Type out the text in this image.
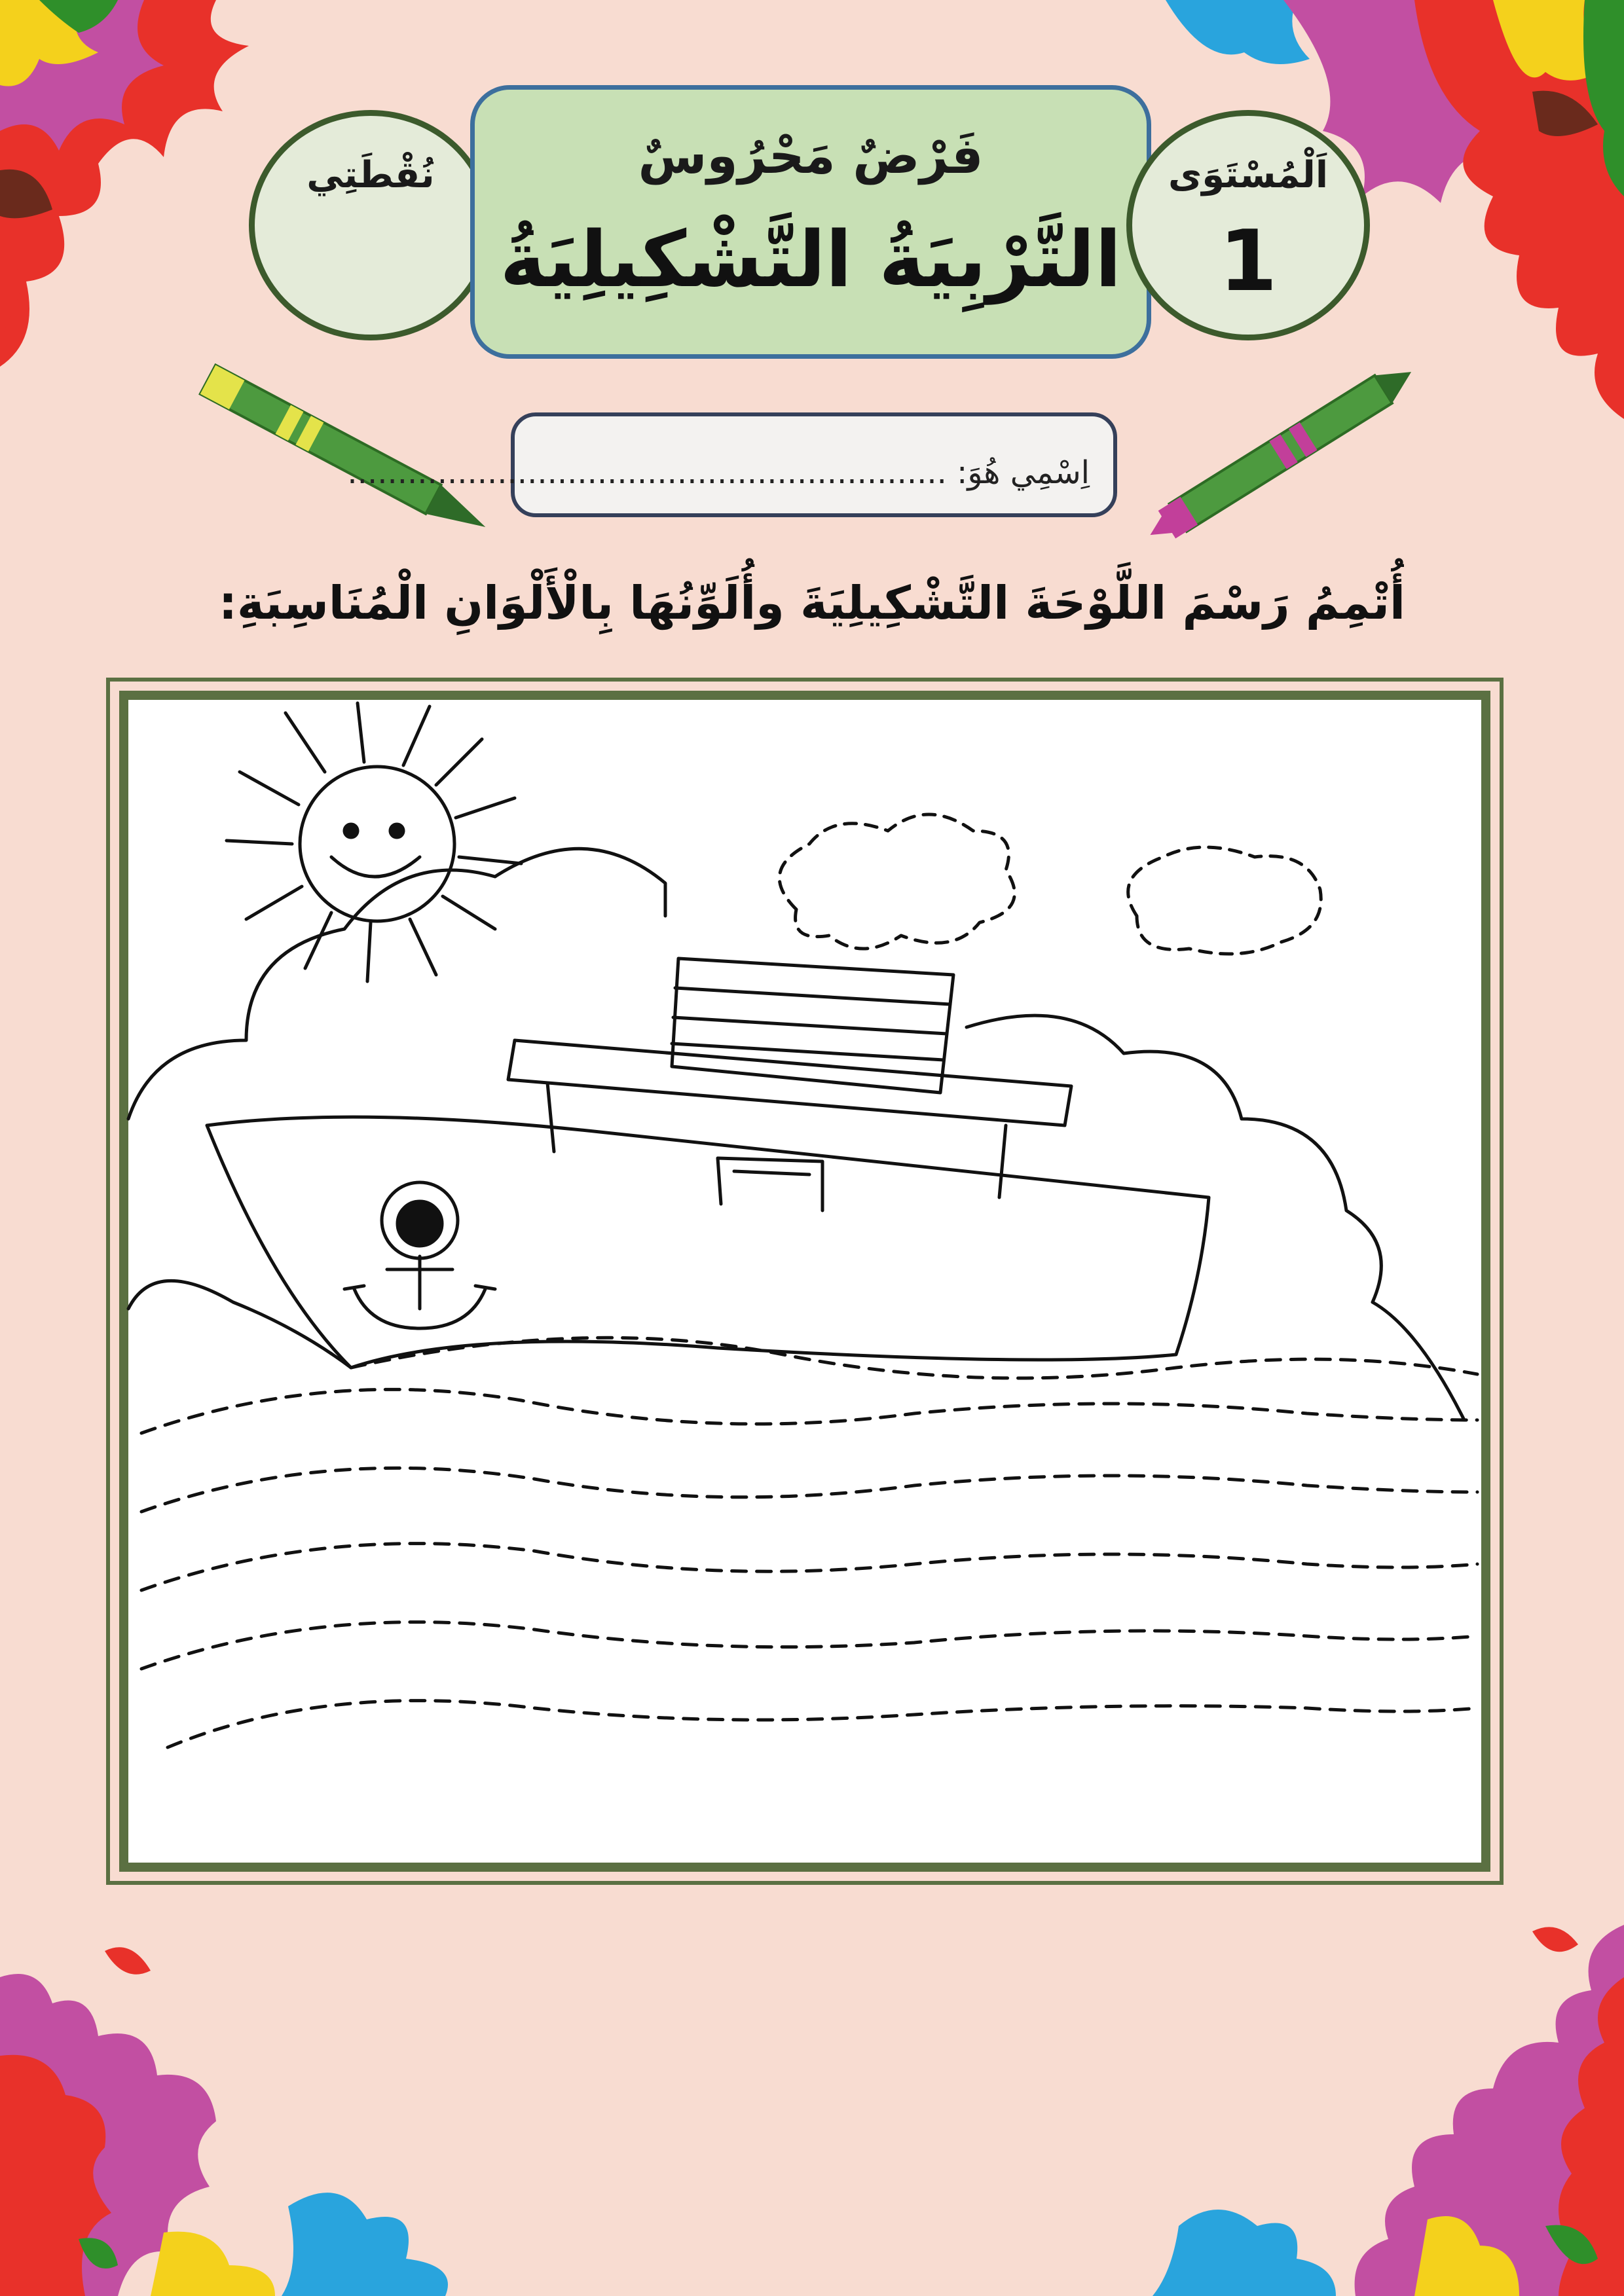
نُقْطَتِي	فَرْضٌ مَحْرُوسٌ
التَّرْبِيَةُ التَّشْكِيلِيَةُ
اَلْمُسْتَوَى
1
اِسْمِي هُوَ: ............................................................
أُتْمِمُ رَسْمَ اللَّوْحَةَ التَّشْكِيلِيَةَ وأُلَوِّنُهَا بِالْأَلْوَانِ الْمُنَاسِبَةِ:
